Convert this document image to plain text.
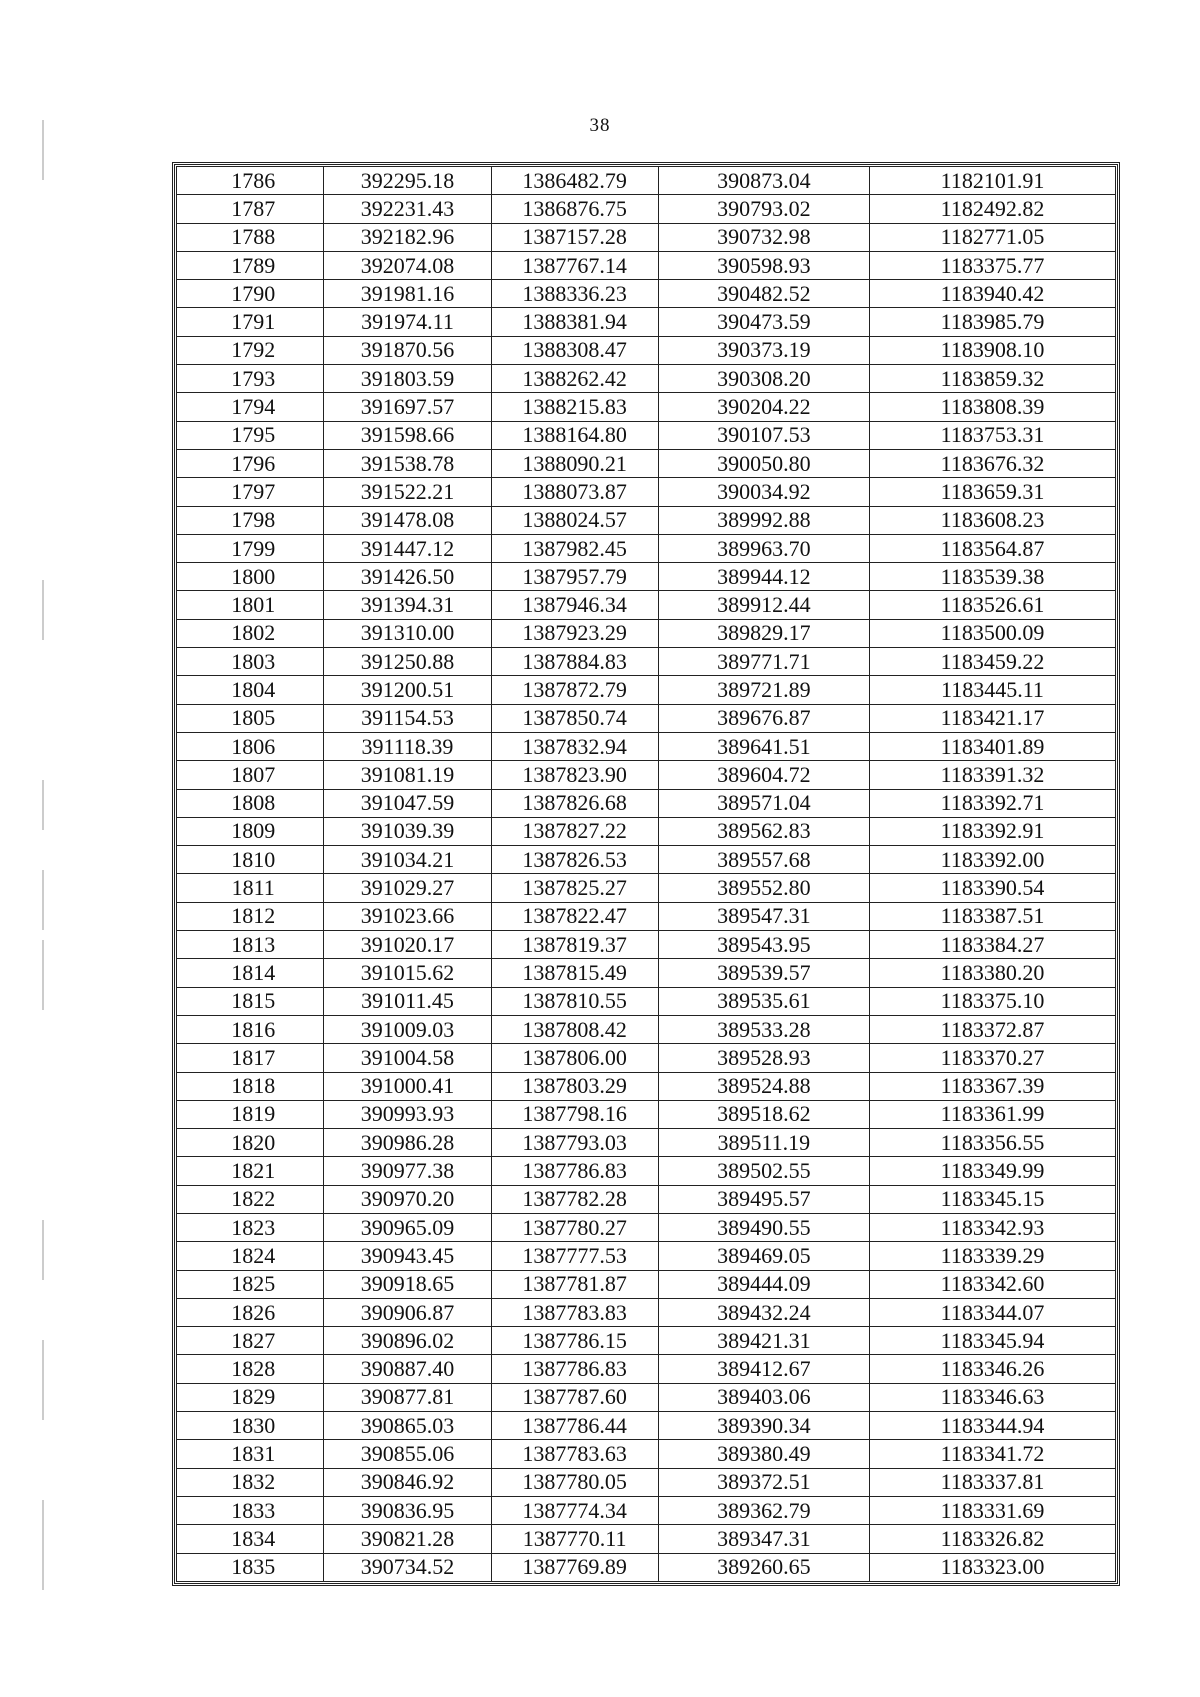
38
1786	392295.18	1386482.79	390873.04	1182101.91
1787	392231.43	1386876.75	390793.02	1182492.82
1788	392182.96	1387157.28	390732.98	1182771.05
1789	392074.08	1387767.14	390598.93	1183375.77
1790	391981.16	1388336.23	390482.52	1183940.42
1791	391974.11	1388381.94	390473.59	1183985.79
1792	391870.56	1388308.47	390373.19	1183908.10
1793	391803.59	1388262.42	390308.20	1183859.32
1794	391697.57	1388215.83	390204.22	1183808.39
1795	391598.66	1388164.80	390107.53	1183753.31
1796	391538.78	1388090.21	390050.80	1183676.32
1797	391522.21	1388073.87	390034.92	1183659.31
1798	391478.08	1388024.57	389992.88	1183608.23
1799	391447.12	1387982.45	389963.70	1183564.87
1800	391426.50	1387957.79	389944.12	1183539.38
1801	391394.31	1387946.34	389912.44	1183526.61
1802	391310.00	1387923.29	389829.17	1183500.09
1803	391250.88	1387884.83	389771.71	1183459.22
1804	391200.51	1387872.79	389721.89	1183445.11
1805	391154.53	1387850.74	389676.87	1183421.17
1806	391118.39	1387832.94	389641.51	1183401.89
1807	391081.19	1387823.90	389604.72	1183391.32
1808	391047.59	1387826.68	389571.04	1183392.71
1809	391039.39	1387827.22	389562.83	1183392.91
1810	391034.21	1387826.53	389557.68	1183392.00
1811	391029.27	1387825.27	389552.80	1183390.54
1812	391023.66	1387822.47	389547.31	1183387.51
1813	391020.17	1387819.37	389543.95	1183384.27
1814	391015.62	1387815.49	389539.57	1183380.20
1815	391011.45	1387810.55	389535.61	1183375.10
1816	391009.03	1387808.42	389533.28	1183372.87
1817	391004.58	1387806.00	389528.93	1183370.27
1818	391000.41	1387803.29	389524.88	1183367.39
1819	390993.93	1387798.16	389518.62	1183361.99
1820	390986.28	1387793.03	389511.19	1183356.55
1821	390977.38	1387786.83	389502.55	1183349.99
1822	390970.20	1387782.28	389495.57	1183345.15
1823	390965.09	1387780.27	389490.55	1183342.93
1824	390943.45	1387777.53	389469.05	1183339.29
1825	390918.65	1387781.87	389444.09	1183342.60
1826	390906.87	1387783.83	389432.24	1183344.07
1827	390896.02	1387786.15	389421.31	1183345.94
1828	390887.40	1387786.83	389412.67	1183346.26
1829	390877.81	1387787.60	389403.06	1183346.63
1830	390865.03	1387786.44	389390.34	1183344.94
1831	390855.06	1387783.63	389380.49	1183341.72
1832	390846.92	1387780.05	389372.51	1183337.81
1833	390836.95	1387774.34	389362.79	1183331.69
1834	390821.28	1387770.11	389347.31	1183326.82
1835	390734.52	1387769.89	389260.65	1183323.00
